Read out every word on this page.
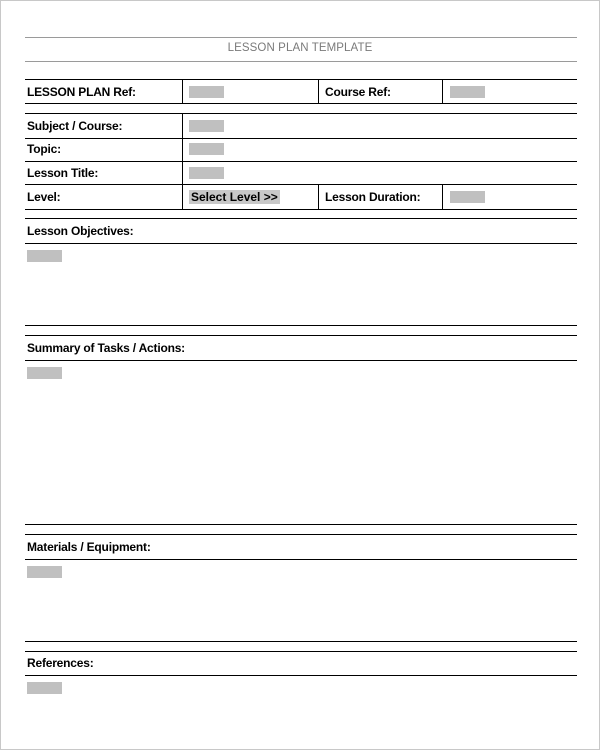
LESSON PLAN TEMPLATE
LESSON PLAN Ref:	Course Ref:
Subject / Course:
Topic:
Lesson Title:
Level:	Select Level >>	Lesson Duration:
Lesson Objectives:
Summary of Tasks / Actions:
Materials / Equipment:
References:
